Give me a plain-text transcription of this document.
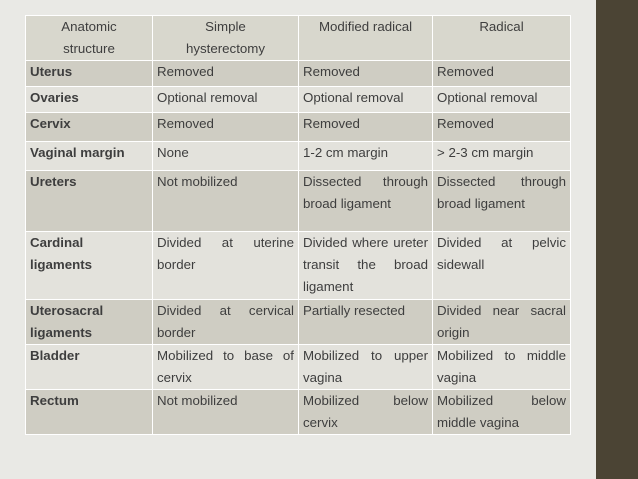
Anatomic structure	Simple hysterectomy	Modified radical	Radical
Uterus	Removed	Removed	Removed
Ovaries	Optional removal	Optional removal	Optional removal
Cervix	Removed	Removed	Removed
Vaginal margin	None	1-2 cm margin	> 2-3 cm margin
Ureters	Not mobilized	Dissected through broad ligament	Dissected through broad ligament
Cardinal ligaments	Divided at uterine border	Divided where ureter transit the broad ligament	Divided at pelvic sidewall
Uterosacral ligaments	Divided at cervical border	Partially resected	Divided near sacral origin
Bladder	Mobilized to base of cervix	Mobilized to upper vagina	Mobilized to middle vagina
Rectum	Not mobilized	Mobilized below cervix	Mobilized below middle vagina
